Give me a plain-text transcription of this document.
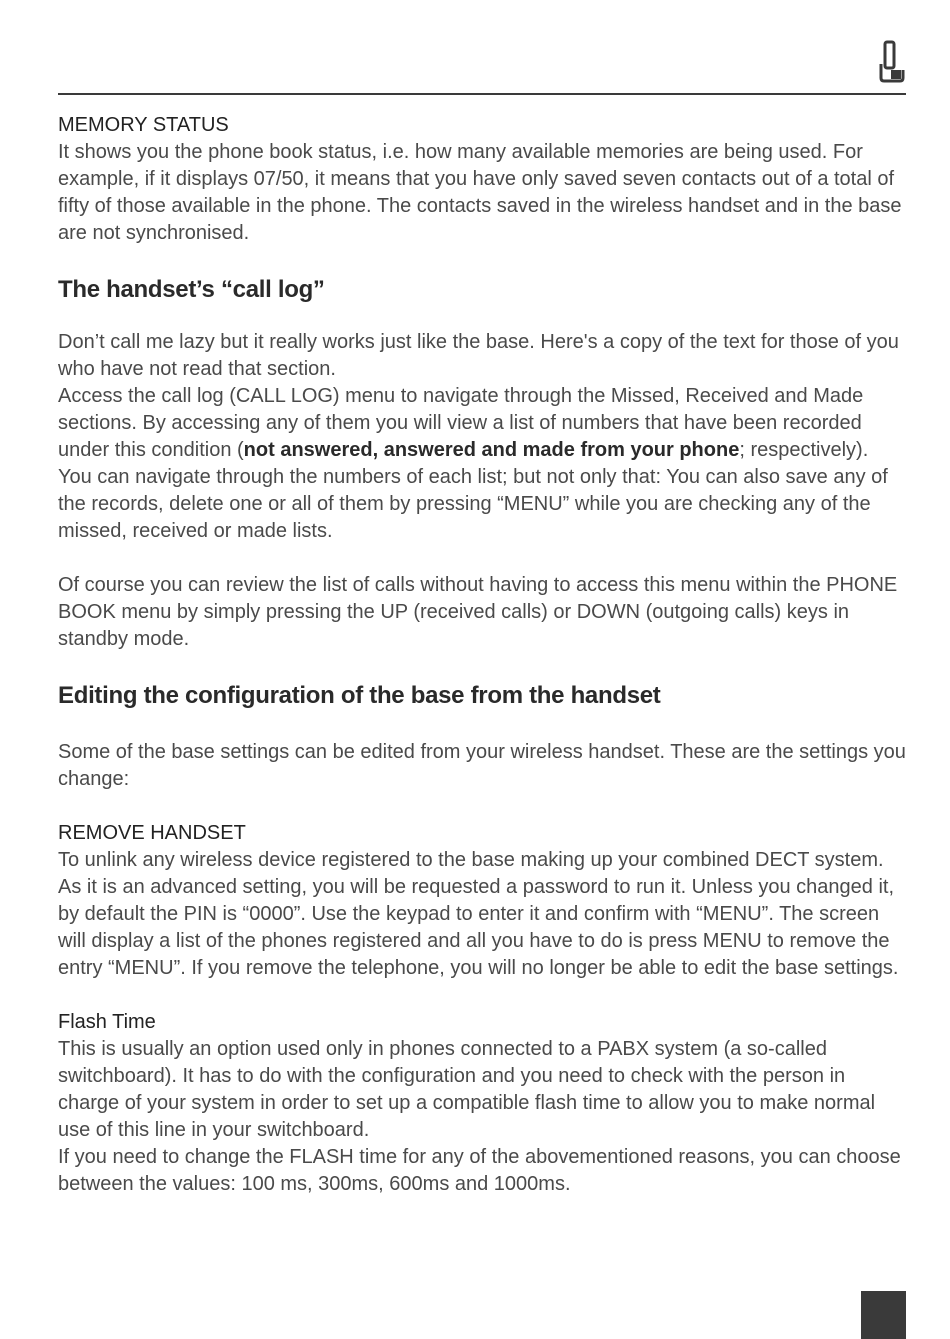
MEMORY STATUS

It shows you the phone book status, i.e. how many available memories are being used. For example, if it displays 07/50, it means that you have only saved seven contacts out of a total of fifty of those available in the phone. The contacts saved in the wireless handset and in the base are not synchronised.

The handset’s “call log”

Don’t call me lazy but it really works just like the base. Here's a copy of the text for those of you who have not read that section.

Access the call log (CALL LOG) menu to navigate through the Missed, Received and Made sections. By accessing any of them you will view a list of numbers that have been recorded under this condition (not answered, answered and made from your phone; respectively).

You can navigate through the numbers of each list; but not only that: You can also save any of the records, delete one or all of them by pressing “MENU” while you are checking any of the missed, received or made lists.

Of course you can review the list of calls without having to access this menu within the PHONE BOOK menu by simply pressing the UP (received calls) or DOWN (outgoing calls) keys in standby mode.

Editing the configuration of the base from the handset

Some of the base settings can be edited from your wireless handset. These are the settings you change:

REMOVE HANDSET

To unlink any wireless device registered to the base making up your combined DECT system. As it is an advanced setting, you will be requested a password to run it. Unless you changed it, by default the PIN is “0000”. Use the keypad to enter it and confirm with “MENU”. The screen will display a list of the phones registered and all you have to do is press MENU to remove the entry “MENU”. If you remove the telephone, you will no longer be able to edit the base settings.

Flash Time

This is usually an option used only in phones connected to a PABX system (a so-called switchboard). It has to do with the configuration and you need to check with the person in charge of your system in order to set up a compatible flash time to allow you to make normal use of this line in your switchboard.

If you need to change the FLASH time for any of the abovementioned reasons, you can choose between the values: 100 ms, 300ms, 600ms and 1000ms.
